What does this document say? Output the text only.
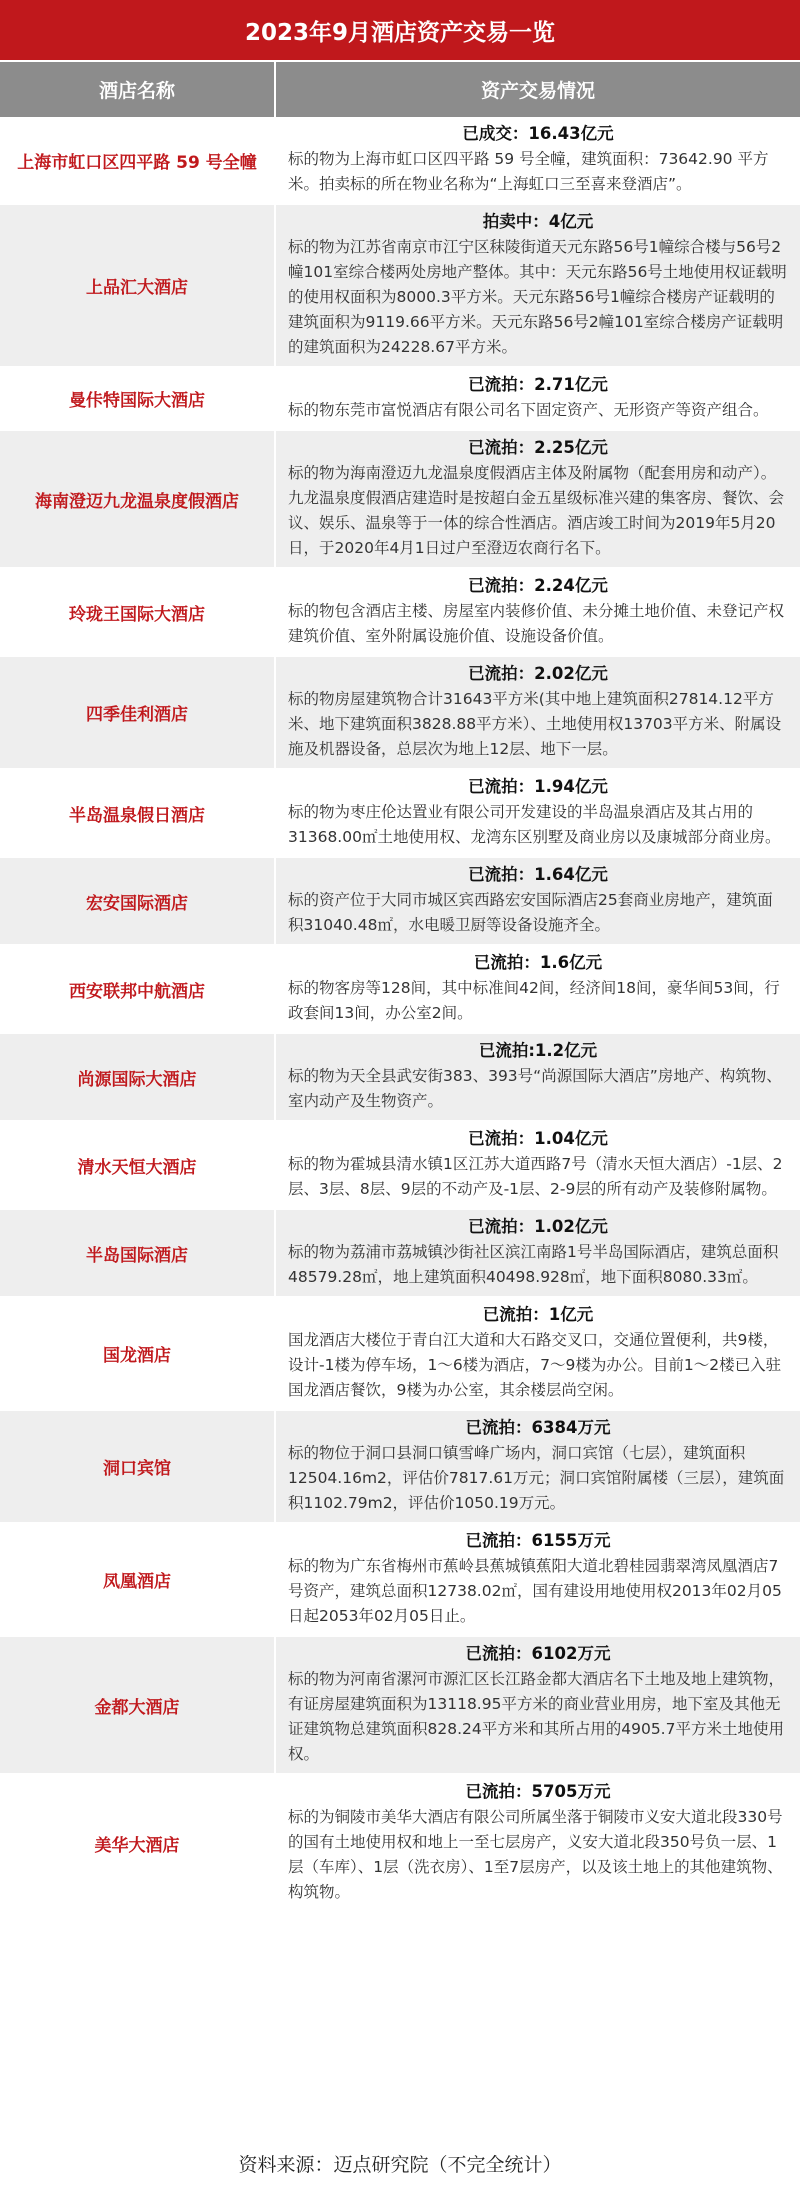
2023年9月酒店资产交易一览
酒店名称	资产交易情况
上海市虹口区四平路 59 号全幢
已成交：16.43亿元
标的物为上海市虹口区四平路 59 号全幢，建筑面积：73642.90 平方米。拍卖标的所在物业名称为“上海虹口三至喜来登酒店”。
上品汇大酒店
拍卖中：4亿元
标的物为江苏省南京市江宁区秣陵街道天元东路56号1幢综合楼与56号2幢101室综合楼两处房地产整体。其中：天元东路56号土地使用权证载明的使用权面积为8000.3平方米。天元东路56号1幢综合楼房产证载明的建筑面积为9119.66平方米。天元东路56号2幢101室综合楼房产证载明的建筑面积为24228.67平方米。
曼佧特国际大酒店
已流拍：2.71亿元
标的物东莞市富悦酒店有限公司名下固定资产、无形资产等资产组合。
海南澄迈九龙温泉度假酒店
已流拍：2.25亿元
标的物为海南澄迈九龙温泉度假酒店主体及附属物（配套用房和动产）。九龙温泉度假酒店建造时是按超白金五星级标准兴建的集客房、餐饮、会议、娱乐、温泉等于一体的综合性酒店。酒店竣工时间为2019年5月20日，于2020年4月1日过户至澄迈农商行名下。
玲珑王国际大酒店
已流拍：2.24亿元
标的物包含酒店主楼、房屋室内装修价值、未分摊土地价值、未登记产权建筑价值、室外附属设施价值、设施设备价值。
四季佳利酒店
已流拍：2.02亿元
标的物房屋建筑物合计31643平方米(其中地上建筑面积27814.12平方米、地下建筑面积3828.88平方米）、土地使用权13703平方米、附属设施及机器设备，总层次为地上12层、地下一层。
半岛温泉假日酒店
已流拍：1.94亿元
标的物为枣庄伦达置业有限公司开发建设的半岛温泉酒店及其占用的31368.00㎡土地使用权、龙湾东区别墅及商业房以及康城部分商业房。
宏安国际酒店
已流拍：1.64亿元
标的资产位于大同市城区宾西路宏安国际酒店25套商业房地产，建筑面积31040.48㎡，水电暖卫厨等设备设施齐全。
西安联邦中航酒店
已流拍：1.6亿元
标的物客房等128间，其中标准间42间，经济间18间，豪华间53间，行政套间13间，办公室2间。
尚源国际大酒店
已流拍:1.2亿元
标的物为天全县武安街383、393号“尚源国际大酒店”房地产、构筑物、室内动产及生物资产。
清水天恒大酒店
已流拍：1.04亿元
标的物为霍城县清水镇1区江苏大道西路7号（清水天恒大酒店）-1层、2层、3层、8层、9层的不动产及-1层、2-9层的所有动产及装修附属物。
半岛国际酒店
已流拍：1.02亿元
标的物为荔浦市荔城镇沙街社区滨江南路1号半岛国际酒店，建筑总面积48579.28㎡，地上建筑面积40498.928㎡，地下面积8080.33㎡。
国龙酒店
已流拍：1亿元
国龙酒店大楼位于青白江大道和大石路交叉口，交通位置便利，共9楼，设计-1楼为停车场，1～6楼为酒店，7～9楼为办公。目前1～2楼已入驻国龙酒店餐饮，9楼为办公室，其余楼层尚空闲。
洞口宾馆
已流拍：6384万元
标的物位于洞口县洞口镇雪峰广场内，洞口宾馆（七层），建筑面积12504.16m2，评估价7817.61万元；洞口宾馆附属楼（三层），建筑面积1102.79m2，评估价1050.19万元。
凤凰酒店
已流拍：6155万元
标的物为广东省梅州市蕉岭县蕉城镇蕉阳大道北碧桂园翡翠湾凤凰酒店7号资产，建筑总面积12738.02㎡，国有建设用地使用权2013年02月05日起2053年02月05日止。
金都大酒店
已流拍：6102万元
标的物为河南省漯河市源汇区长江路金都大酒店名下土地及地上建筑物，有证房屋建筑面积为13118.95平方米的商业营业用房，地下室及其他无证建筑物总建筑面积828.24平方米和其所占用的4905.7平方米土地使用权。
美华大酒店
已流拍：5705万元
标的为铜陵市美华大酒店有限公司所属坐落于铜陵市义安大道北段330号的国有土地使用权和地上一至七层房产，义安大道北段350号负一层、1层（车库）、1层（洗衣房）、1至7层房产，以及该土地上的其他建筑物、构筑物。
资料来源：迈点研究院（不完全统计）
